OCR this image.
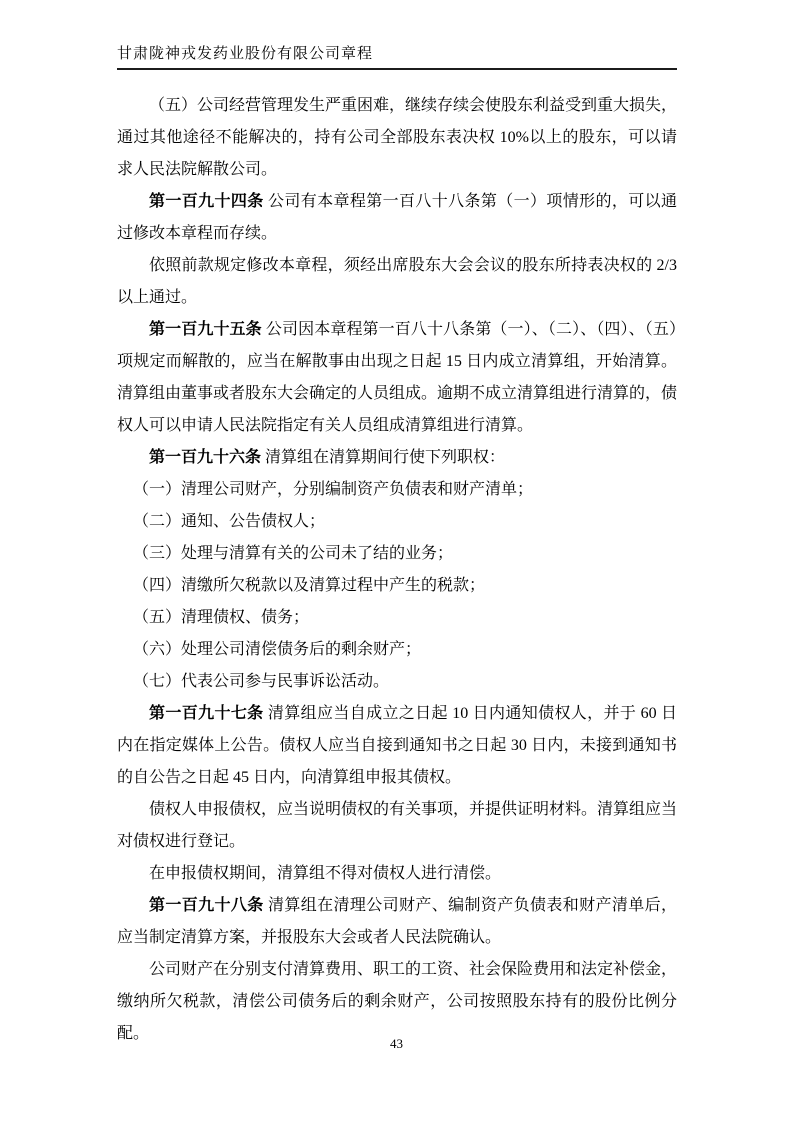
甘肃陇神戎发药业股份有限公司章程

（五）公司经营管理发生严重困难，继续存续会使股东利益受到重大损失，通过其他途径不能解决的，持有公司全部股东表决权 10%以上的股东，可以请求人民法院解散公司。

第一百九十四条 公司有本章程第一百八十八条第（一）项情形的，可以通过修改本章程而存续。

依照前款规定修改本章程，须经出席股东大会会议的股东所持表决权的 2/3 以上通过。

第一百九十五条 公司因本章程第一百八十八条第（一）、（二）、（四）、（五）项规定而解散的，应当在解散事由出现之日起 15 日内成立清算组，开始清算。清算组由董事或者股东大会确定的人员组成。逾期不成立清算组进行清算的，债权人可以申请人民法院指定有关人员组成清算组进行清算。

第一百九十六条 清算组在清算期间行使下列职权：

（一）清理公司财产，分别编制资产负债表和财产清单；

（二）通知、公告债权人；

（三）处理与清算有关的公司未了结的业务；

（四）清缴所欠税款以及清算过程中产生的税款；

（五）清理债权、债务；

（六）处理公司清偿债务后的剩余财产；

（七）代表公司参与民事诉讼活动。

第一百九十七条 清算组应当自成立之日起 10 日内通知债权人，并于 60 日内在指定媒体上公告。债权人应当自接到通知书之日起 30 日内，未接到通知书的自公告之日起 45 日内，向清算组申报其债权。

债权人申报债权，应当说明债权的有关事项，并提供证明材料。清算组应当对债权进行登记。

在申报债权期间，清算组不得对债权人进行清偿。

第一百九十八条 清算组在清理公司财产、编制资产负债表和财产清单后，应当制定清算方案，并报股东大会或者人民法院确认。

公司财产在分别支付清算费用、职工的工资、社会保险费用和法定补偿金，缴纳所欠税款，清偿公司债务后的剩余财产，公司按照股东持有的股份比例分配。

43
